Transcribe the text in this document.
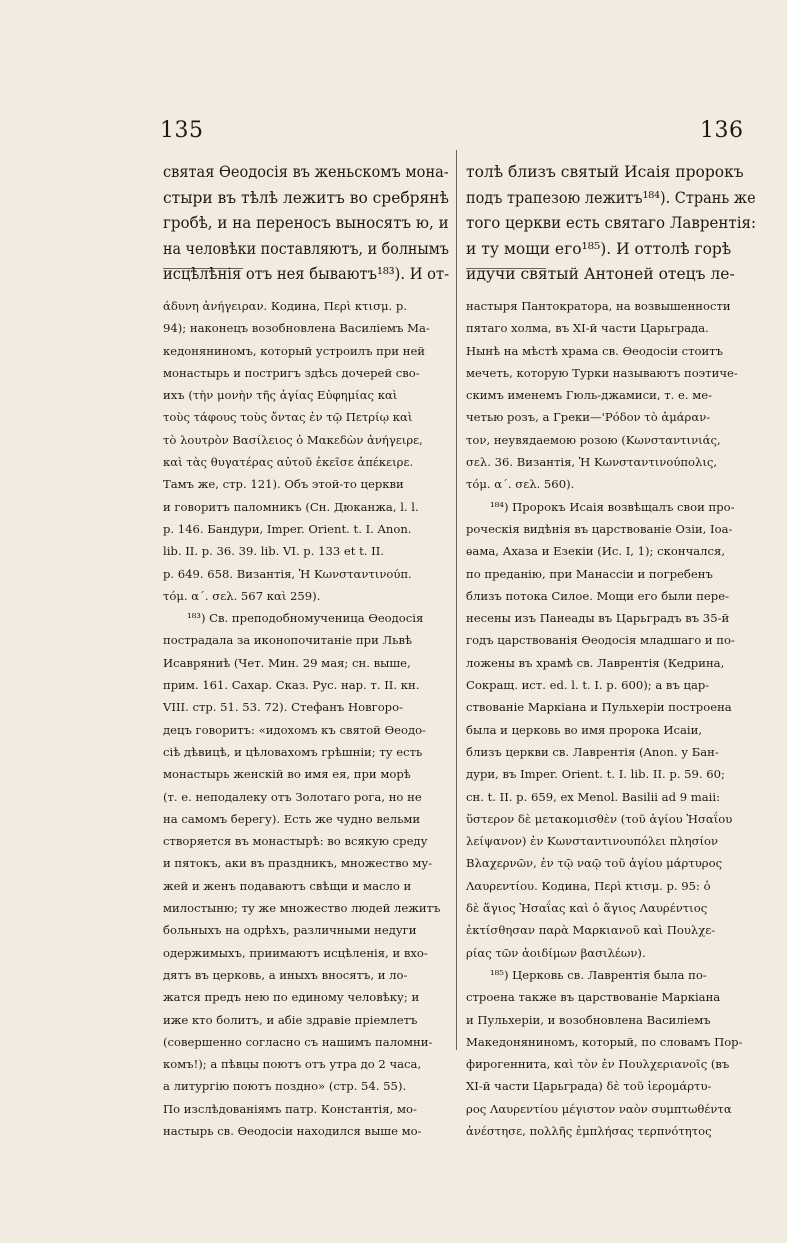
135	136
святая Ѳеодосія въ женьскомъ мона-
стыри въ тѣлѣ лежитъ во сребрянѣ
гробѣ, и на переносъ выносятъ ю, и
на человѣки поставляютъ, и болнымъ
исцѣлѣнія отъ нея бываютъ¹⁸³). И от-
толѣ близъ святый Исаія пророкъ
подъ трапезою лежитъ¹⁸⁴). Странь же
того церкви есть святаго Лаврентія:
и ту мощи его¹⁸⁵). И оттолѣ горѣ
идучи святый Антоней отецъ ле-
άδυνη ἀνήγειραν. Кодина, Περὶ κτισμ. p.
94); наконецъ возобновлена Василіемъ Ма-
кедоняниномъ, который устроилъ при ней
монастырь и постригъ здѣсь дочерей сво-
ихъ (τὴν μονὴν τῆς ἁγίας Εὐφημίας καὶ
τοὺς τάφους τοὺς ὄντας ἐν τῷ Πετρίῳ καὶ
τὸ λουτρὸν Βασίλειος ὁ Μακεδὼν ἀνήγειρε,
καὶ τὰς θυγατέρας αὐτοῦ ἐκεῖσε ἀπέκειρε.
Тамъ же, стр. 121). Объ этой-то церкви
и говоритъ паломникъ (Сн. Дюканжа, l. l.
p. 146. Бандури, Imper. Orient. t. I. Anon.
lib. II. p. 36. 39. lib. VI. p. 133 et t. II.
p. 649. 658. Византія, Ἡ Κωνσταντινούπ.
τόμ. α΄. σελ. 567 καὶ 259).
¹⁸³) Св. преподобномученица Ѳеодосія
пострадала за иконопочитаніе при Львѣ
Исавряниѣ (Чет. Мин. 29 мая; сн. выше,
прим. 161. Сахар. Сказ. Рус. нар. т. II. кн.
VIII. стр. 51. 53. 72). Стефанъ Новгоро-
децъ говоритъ: «идохомъ къ святой Ѳеодо-
сіѣ дѣвицѣ, и цѣловахомъ грѣшніи; ту есть
монастырь женскій во имя ея, при морѣ
(т. е. неподалеку отъ Золотаго рога, но не
на самомъ берегу). Есть же чудно вельми
створяется въ монастырѣ: во всякую среду
и пятокъ, аки въ праздникъ, множество му-
жей и женъ подаваютъ свѣщи и масло и
милостыню; ту же множество людей лежитъ
больныхъ на одрѣхъ, различными недуги
одержимыхъ, приимаютъ исцѣленія, и вхо-
дятъ въ церковь, а иныхъ вносятъ, и ло-
жатся предъ нею по единому человѣку; и
иже кто болитъ, и абіе здравіе пріемлетъ
(совершенно согласно съ нашимъ паломни-
комъ!); а пѣвцы поютъ отъ утра до 2 часа,
а литургію поютъ поздно» (стр. 54. 55).
По изслѣдованіямъ патр. Константія, мо-
настырь св. Ѳеодосіи находился выше мо-
настыря Пантократора, на возвышенности
пятаго холма, въ XI-й части Царьграда.
Нынѣ на мѣстѣ храма св. Ѳеодосіи стоитъ
мечеть, которую Турки называютъ поэтиче-
скимъ именемъ Гюль-джамиси, т. е. ме-
четью розъ, а Греки—'Ρόδον τὸ ἀμάραν-
τον, неувядаемою розою (Κωνσταντινιάς,
σελ. 36. Византія, Ἡ Κωνσταντινούπολις,
τόμ. α΄. σελ. 560).
¹⁸⁴) Пророкъ Исаія возвѣщалъ свои про-
роческія видѣнія въ царствованіе Озіи, Іоа-
ѳама, Ахаза и Езекіи (Ис. I, 1); скончался,
по преданію, при Манассіи и погребенъ
близъ потока Силое. Мощи его были пере-
несены изъ Панеады въ Царьградъ въ 35-й
годъ царствованія Ѳеодосія младшаго и по-
ложены въ храмѣ св. Лаврентія (Кедрина,
Сокращ. ист. ed. l. t. I. p. 600); а въ цар-
ствованіе Маркіана и Пульхеріи построена
была и церковь во имя пророка Исаіи,
близъ церкви св. Лаврентія (Anon. у Бан-
дури, въ Imper. Orient. t. I. lib. II. p. 59. 60;
сн. t. II. p. 659, ex Menol. Basilii ad 9 maii:
ὕστερον δὲ μετακομισθὲν (τοῦ ἁγίου Ἠσαΐου
λείψανον) ἐν Κωνσταντινουπόλει πλησίον
Βλαχερνῶν, ἐν τῷ ναῷ τοῦ ἁγίου μάρτυρος
Λαυρεντίου. Кодина, Περὶ κτισμ. p. 95: ὁ
δὲ ἅγιος Ἠσαΐας καὶ ὁ ἅγιος Λαυρέντιος
ἐκτίσθησαν παρὰ Μαρκιανοῦ καὶ Πουλχε-
ρίας τῶν ἀοιδίμων βασιλέων).
¹⁸⁵) Церковь св. Лаврентія была по-
строена также въ царствованіе Маркіана
и Пульхеріи, и возобновлена Василіемъ
Македоняниномъ, который, по словамъ Пор-
фирогеннита, καὶ τὸν ἐν Πουλχεριανοῖς (въ
XI-й части Царьграда) δὲ τοῦ ἱερομάρτυ-
ρος Λαυρεντίου μέγιστον ναὸν συμπτωθέντα
ἀνέστησε, πολλῆς ἐμπλήσας τερπνότητος
